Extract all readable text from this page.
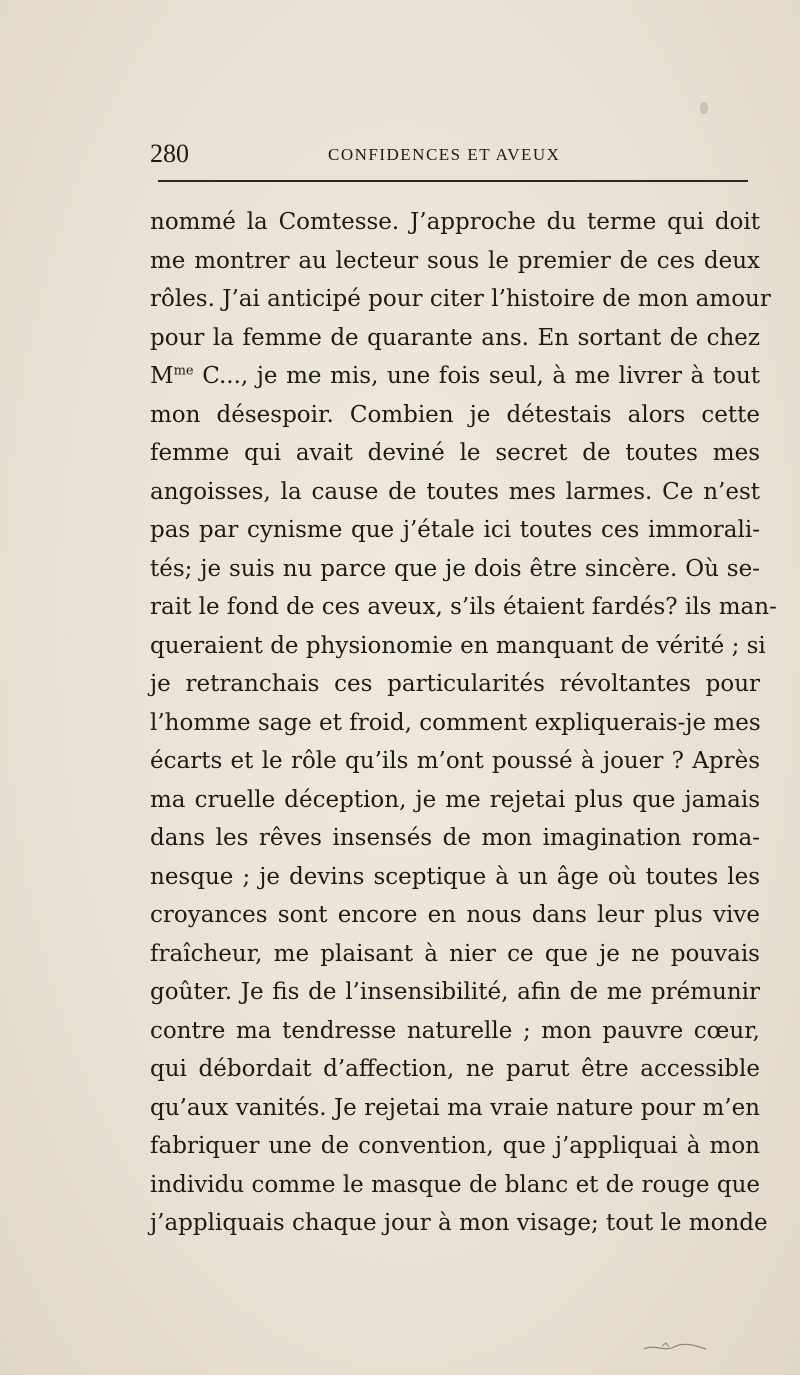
280	CONFIDENCES ET AVEUX
nommé la Comtesse. J’approche du terme qui doit
me montrer au lecteur sous le premier de ces deux
rôles. J’ai anticipé pour citer l’histoire de mon amour
pour la femme de quarante ans. En sortant de chez
$M^{me}$ C..., je me mis, une fois seul, à me livrer à tout
mon désespoir. Combien je détestais alors cette
femme qui avait deviné le secret de toutes mes
angoisses, la cause de toutes mes larmes. Ce n’est
pas par cynisme que j’étale ici toutes ces immorali-
tés; je suis nu parce que je dois être sincère. Où se-
rait le fond de ces aveux, s’ils étaient fardés? ils man-
queraient de physionomie en manquant de vérité ; si
je retranchais ces particularités révoltantes pour
l’homme sage et froid, comment expliquerais-je mes
écarts et le rôle qu’ils m’ont poussé à jouer ? Après
ma cruelle déception, je me rejetai plus que jamais
dans les rêves insensés de mon imagination roma-
nesque ; je devins sceptique à un âge où toutes les
croyances sont encore en nous dans leur plus vive
fraîcheur, me plaisant à nier ce que je ne pouvais
goûter. Je fis de l’insensibilité, afin de me prémunir
contre ma tendresse naturelle ; mon pauvre cœur,
qui débordait d’affection, ne parut être accessible
qu’aux vanités. Je rejetai ma vraie nature pour m’en
fabriquer une de convention, que j’appliquai à mon
individu comme le masque de blanc et de rouge que
j’appliquais chaque jour à mon visage; tout le monde
